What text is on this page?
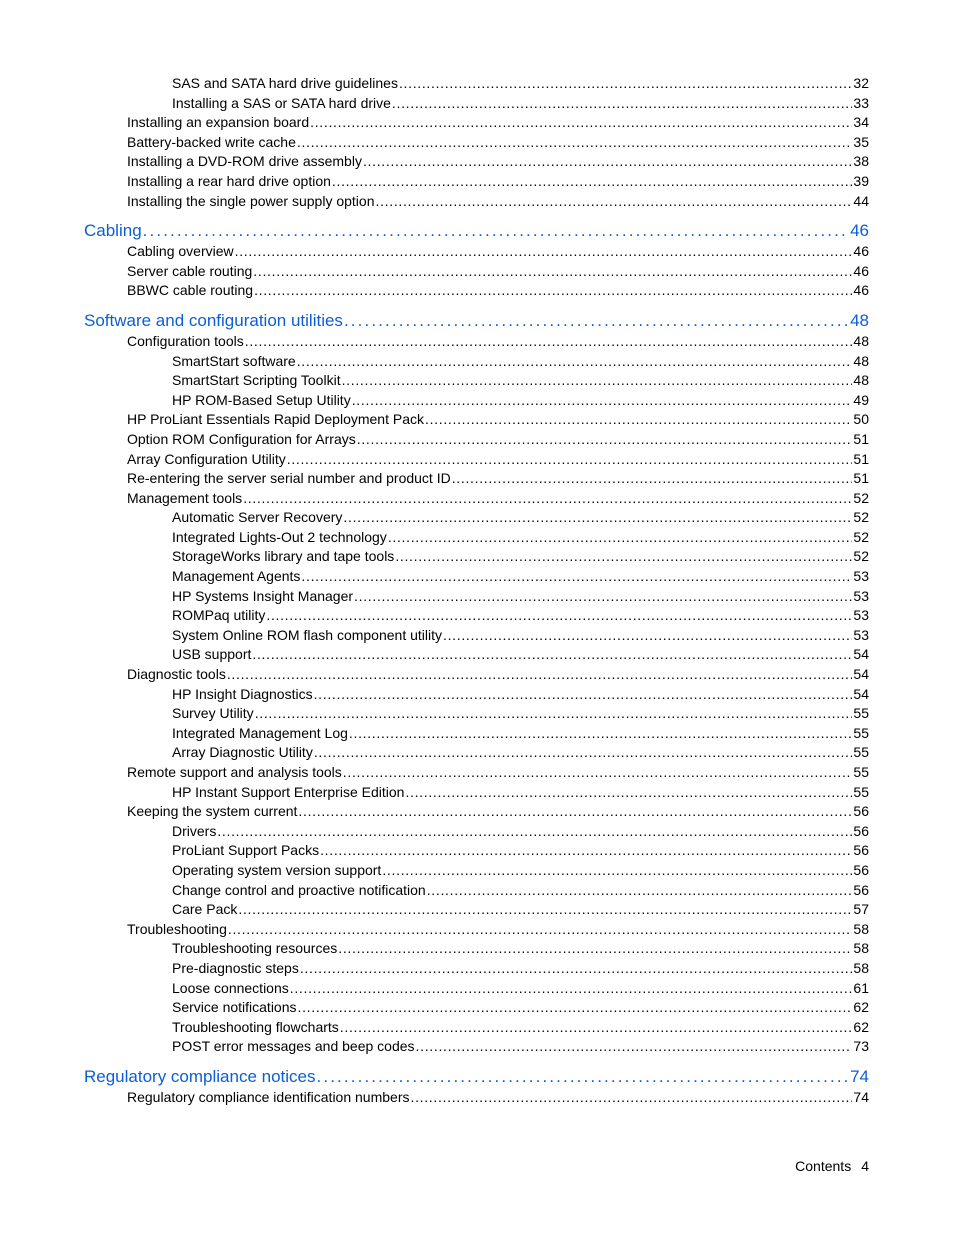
SAS and SATA hard drive guidelines . . .	32
Installing a SAS or SATA hard drive . . .	33
Installing an expansion board . . .	34
Battery-backed write cache . . .	35
Installing a DVD-ROM drive assembly . . .	38
Installing a rear hard drive option . . .	39
Installing the single power supply option . . .	44
Cabling . . .	46
Cabling overview . . .	46
Server cable routing . . .	46
BBWC cable routing . . .	46
Software and configuration utilities . . .	48
Configuration tools . . .	48
SmartStart software . . .	48
SmartStart Scripting Toolkit . . .	48
HP ROM-Based Setup Utility . . .	49
HP ProLiant Essentials Rapid Deployment Pack . . .	50
Option ROM Configuration for Arrays . . .	51
Array Configuration Utility . . .	51
Re-entering the server serial number and product ID . . .	51
Management tools . . .	52
Automatic Server Recovery . . .	52
Integrated Lights-Out 2 technology . . .	52
StorageWorks library and tape tools . . .	52
Management Agents . . .	53
HP Systems Insight Manager . . .	53
ROMPaq utility . . .	53
System Online ROM flash component utility . . .	53
USB support . . .	54
Diagnostic tools . . .	54
HP Insight Diagnostics . . .	54
Survey Utility . . .	55
Integrated Management Log . . .	55
Array Diagnostic Utility . . .	55
Remote support and analysis tools . . .	55
HP Instant Support Enterprise Edition . . .	55
Keeping the system current . . .	56
Drivers . . .	56
ProLiant Support Packs . . .	56
Operating system version support . . .	56
Change control and proactive notification . . .	56
Care Pack . . .	57
Troubleshooting . . .	58
Troubleshooting resources . . .	58
Pre-diagnostic steps . . .	58
Loose connections . . .	61
Service notifications . . .	62
Troubleshooting flowcharts . . .	62
POST error messages and beep codes . . .	73
Regulatory compliance notices . . .	74
Regulatory compliance identification numbers . . .	74
Contents 4
